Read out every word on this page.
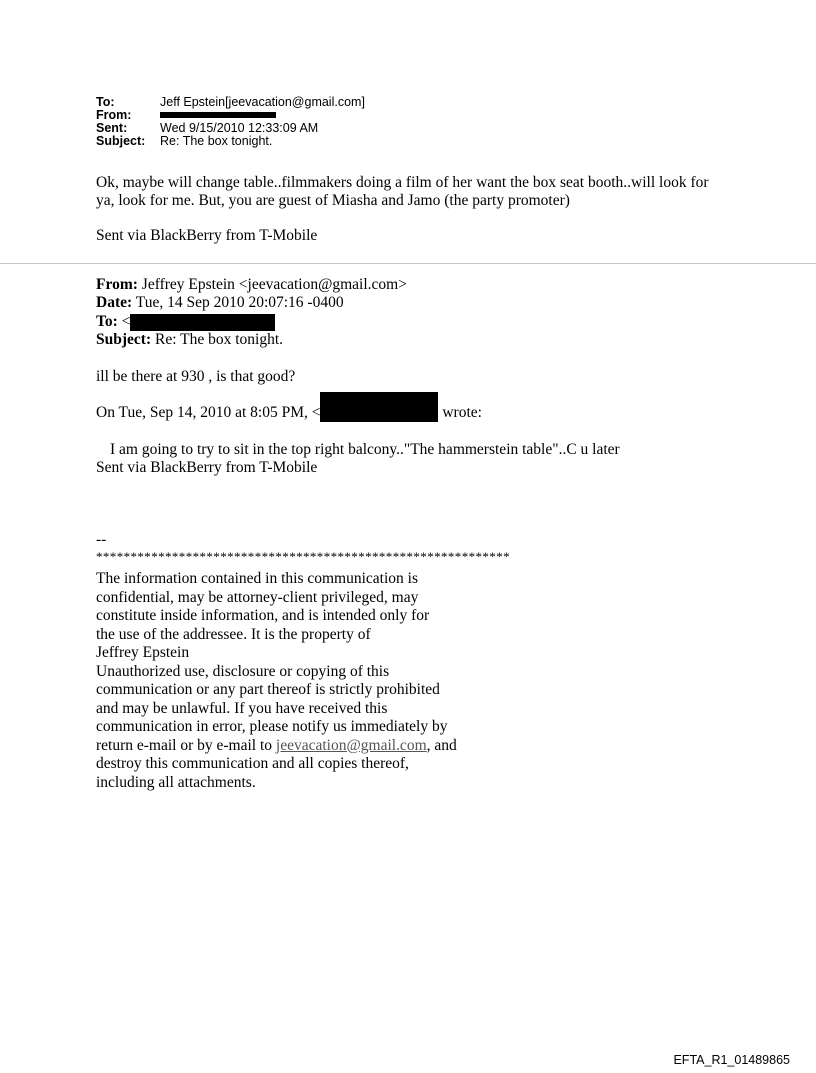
To:	Jeff Epstein[jeevacation@gmail.com]
From:
Sent:	Wed 9/15/2010 12:33:09 AM
Subject: Re: The box tonight.
Ok, maybe will change table..filmmakers doing a film of her want the box seat booth..will look for
ya, look for me. But, you are guest of Miasha and Jamo (the party promoter)
Sent via BlackBerry from T-Mobile
From: Jeffrey Epstein <jeevacation@gmail.com>
Date: Tue, 14 Sep 2010 20:07:16 -0400
To: <
Subject: Re: The box tonight.
ill be there at 930 , is that good?
On Tue, Sep 14, 2010 at 8:05 PM, <	wrote:
I am going to try to sit in the top right balcony.."The hammerstein table"..C u later
Sent via BlackBerry from T-Mobile
--
************************************************************
The information contained in this communication is
confidential, may be attorney-client privileged, may
constitute inside information, and is intended only for
the use of the addressee. It is the property of
Jeffrey Epstein
Unauthorized use, disclosure or copying of this
communication or any part thereof is strictly prohibited
and may be unlawful. If you have received this
communication in error, please notify us immediately by
return e-mail or by e-mail to jeevacation@gmail.com, and
destroy this communication and all copies thereof,
including all attachments.
EFTA_R1_01489865
